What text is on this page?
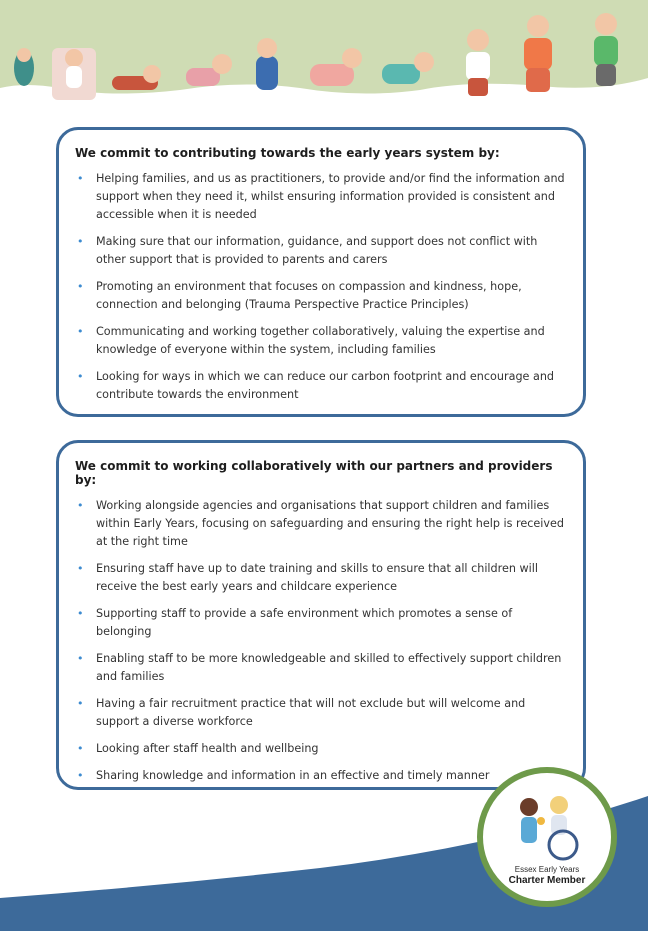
We commit to contributing towards the early years system by:
• Helping families, and us as practitioners, to provide and/or find the information and support when they need it, whilst ensuring information provided is consistent and accessible when it is needed
• Making sure that our information, guidance, and support does not conflict with other support that is provided to parents and carers
• Promoting an environment that focuses on compassion and kindness, hope, connection and belonging (Trauma Perspective Practice Principles)
• Communicating and working together collaboratively, valuing the expertise and knowledge of everyone within the system, including families
• Looking for ways in which we can reduce our carbon footprint and encourage and contribute towards the environment
We commit to working collaboratively with our partners and providers by:
• Working alongside agencies and organisations that support children and families within Early Years, focusing on safeguarding and ensuring the right help is received at the right time
• Ensuring staff have up to date training and skills to ensure that all children will receive the best early years and childcare experience
• Supporting staff to provide a safe environment which promotes a sense of belonging
• Enabling staff to be more knowledgeable and skilled to effectively support children and families
• Having a fair recruitment practice that will not exclude but will welcome and support a diverse workforce
• Looking after staff health and wellbeing
• Sharing knowledge and information in an effective and timely manner
Essex Early Years
Charter Member
